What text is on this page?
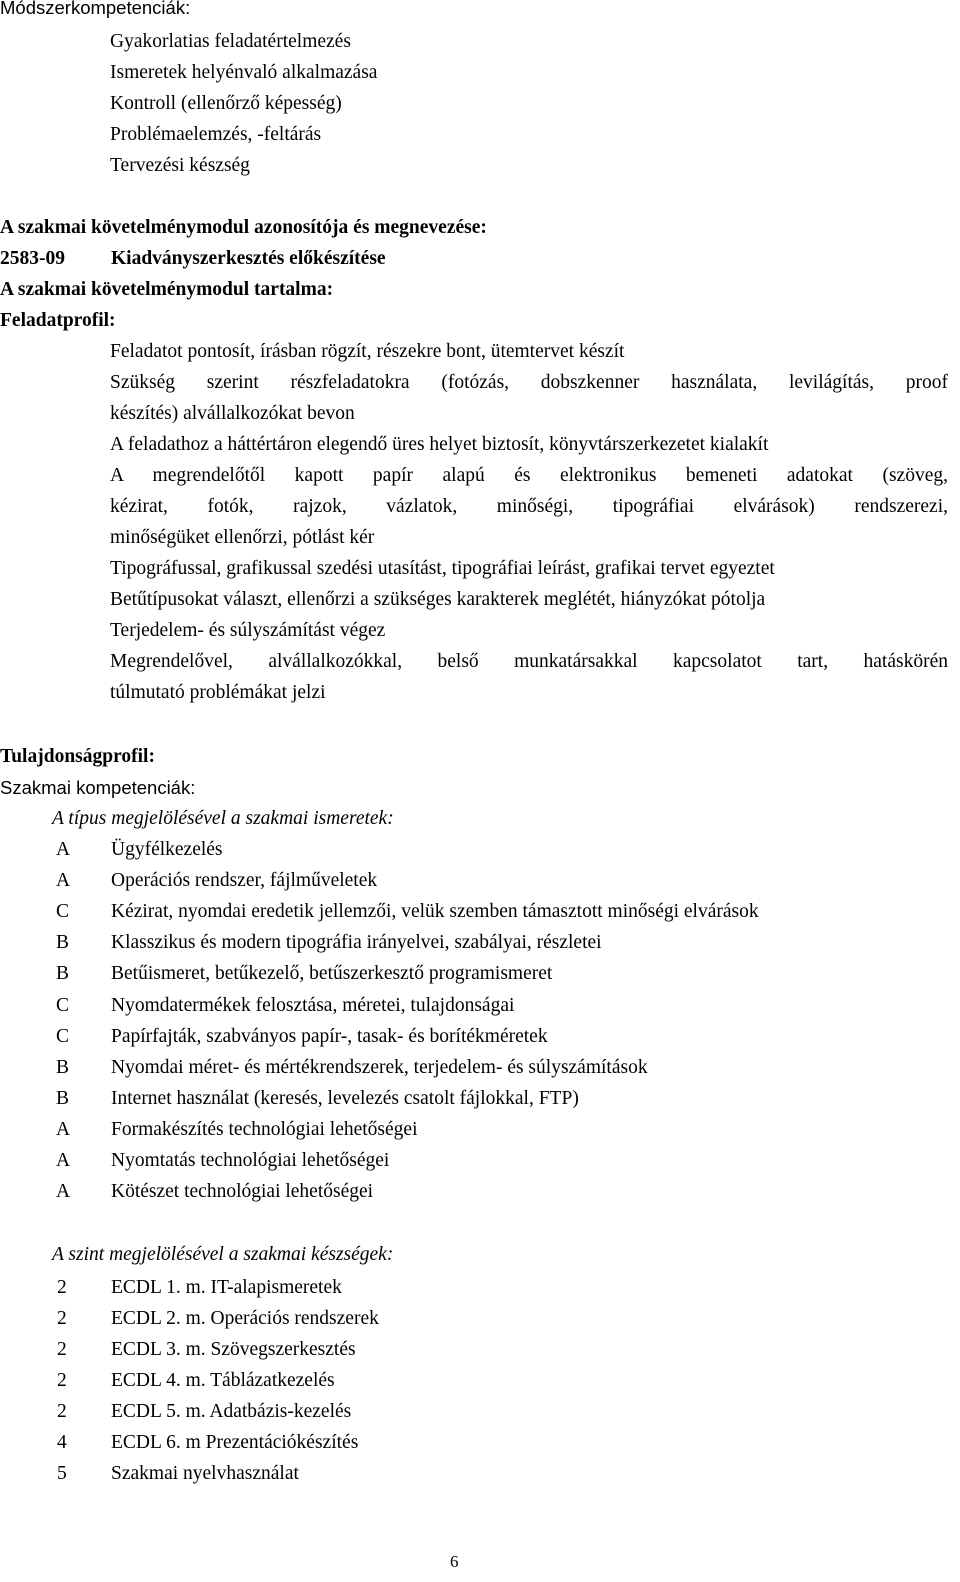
Módszerkompetenciák:
Gyakorlatias feladatértelmezés
Ismeretek helyénvaló alkalmazása
Kontroll (ellenőrző képesség)
Problémaelemzés, -feltárás
Tervezési készség
A szakmai követelménymodul azonosítója és megnevezése:
2583-09 Kiadványszerkesztés előkészítése
A szakmai követelménymodul tartalma:
Feladatprofil:
Feladatot pontosít, írásban rögzít, részekre bont, ütemtervet készít
Szükség szerint részfeladatokra (fotózás, dobszkenner használata, levilágítás, proof
készítés) alvállalkozókat bevon
A feladathoz a háttértáron elegendő üres helyet biztosít, könyvtárszerkezetet kialakít
A megrendelőtől kapott papír alapú és elektronikus bemeneti adatokat (szöveg,
kézirat, fotók, rajzok, vázlatok, minőségi, tipográfiai elvárások) rendszerezi,
minőségüket ellenőrzi, pótlást kér
Tipográfussal, grafikussal szedési utasítást, tipográfiai leírást, grafikai tervet egyeztet
Betűtípusokat választ, ellenőrzi a szükséges karakterek meglétét, hiányzókat pótolja
Terjedelem- és súlyszámítást végez
Megrendelővel, alvállalkozókkal, belső munkatársakkal kapcsolatot tart, hatáskörén
túlmutató problémákat jelzi
Tulajdonságprofil:
Szakmai kompetenciák:
A típus megjelölésével a szakmai ismeretek:
A	Ügyfélkezelés
A	Operációs rendszer, fájlműveletek
C	Kézirat, nyomdai eredetik jellemzői, velük szemben támasztott minőségi elvárások
B	Klasszikus és modern tipográfia irányelvei, szabályai, részletei
B	Betűismeret, betűkezelő, betűszerkesztő programismeret
C	Nyomdatermékek felosztása, méretei, tulajdonságai
C	Papírfajták, szabványos papír-, tasak- és borítékméretek
B	Nyomdai méret- és mértékrendszerek, terjedelem- és súlyszámítások
B	Internet használat (keresés, levelezés csatolt fájlokkal, FTP)
A	Formakészítés technológiai lehetőségei
A	Nyomtatás technológiai lehetőségei
A	Kötészet technológiai lehetőségei
A szint megjelölésével a szakmai készségek:
2	ECDL 1. m. IT-alapismeretek
2	ECDL 2. m. Operációs rendszerek
2	ECDL 3. m. Szövegszerkesztés
2	ECDL 4. m. Táblázatkezelés
2	ECDL 5. m. Adatbázis-kezelés
4	ECDL 6. m Prezentációkészítés
5	Szakmai nyelvhasználat
6
